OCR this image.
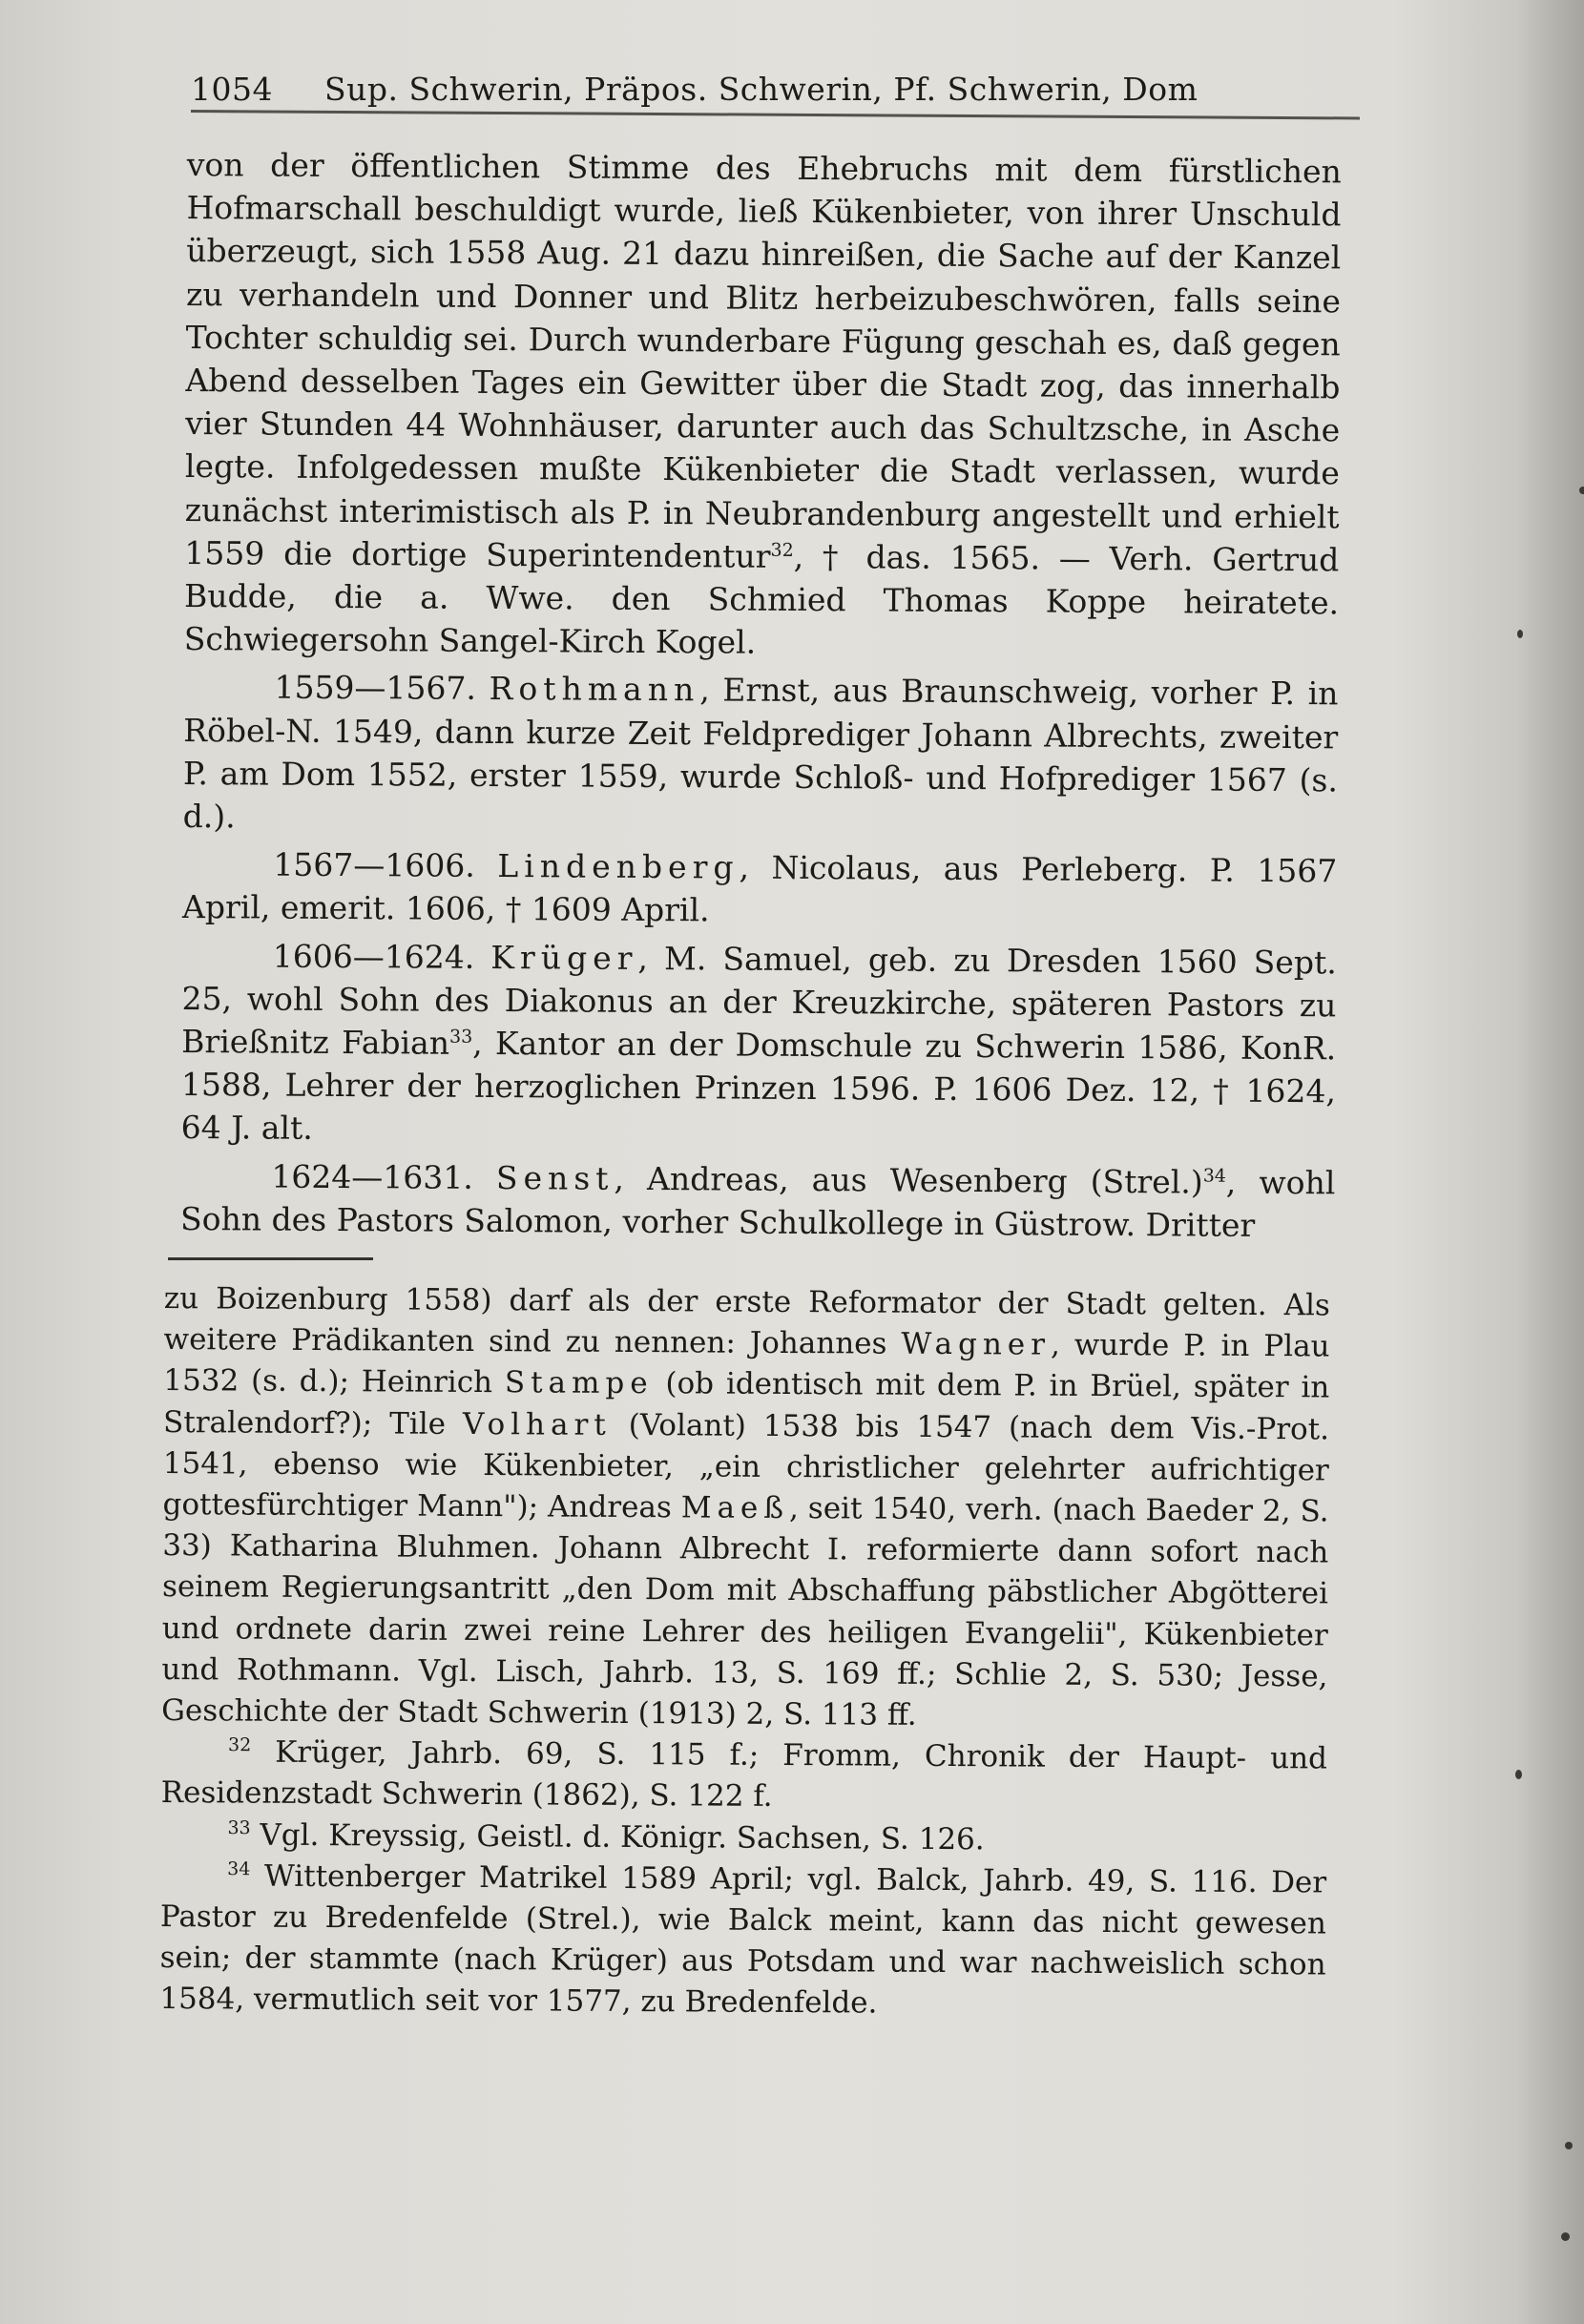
1054 Sup. Schwerin, Präpos. Schwerin, Pf. Schwerin, Dom

von der öffentlichen Stimme des Ehebruchs mit dem fürstlichen Hofmarschall beschuldigt wurde, ließ Kükenbieter, von ihrer Unschuld überzeugt, sich 1558 Aug. 21 dazu hinreißen, die Sache auf der Kanzel zu verhandeln und Donner und Blitz herbeizubeschwören, falls seine Tochter schuldig sei. Durch wunderbare Fügung geschah es, daß gegen Abend desselben Tages ein Gewitter über die Stadt zog, das innerhalb vier Stunden 44 Wohnhäuser, darunter auch das Schultzsche, in Asche legte. Infolgedessen mußte Kükenbieter die Stadt verlassen, wurde zunächst interimistisch als P. in Neubrandenburg angestellt und erhielt 1559 die dortige Superintendentur$^{32}$, † das. 1565. — Verh. Gertrud Budde, die a. Wwe. den Schmied Thomas Koppe heiratete. Schwiegersohn Sangel-Kirch Kogel.

1559—1567. Rothmann, Ernst, aus Braunschweig, vorher P. in Röbel-N. 1549, dann kurze Zeit Feldprediger Johann Albrechts, zweiter P. am Dom 1552, erster 1559, wurde Schloß- und Hofprediger 1567 (s. d.).

1567—1606. Lindenberg, Nicolaus, aus Perleberg. P. 1567 April, emerit. 1606, † 1609 April.

1606—1624. Krüger, M. Samuel, geb. zu Dresden 1560 Sept. 25, wohl Sohn des Diakonus an der Kreuzkirche, späteren Pastors zu Brießnitz Fabian$^{33}$, Kantor an der Domschule zu Schwerin 1586, KonR. 1588, Lehrer der herzoglichen Prinzen 1596. P. 1606 Dez. 12, † 1624, 64 J. alt.

1624—1631. Senst, Andreas, aus Wesenberg (Strel.)$^{34}$, wohl Sohn des Pastors Salomon, vorher Schulkollege in Güstrow. Dritter

zu Boizenburg 1558) darf als der erste Reformator der Stadt gelten. Als weitere Prädikanten sind zu nennen: Johannes Wagner, wurde P. in Plau 1532 (s. d.); Heinrich Stampe (ob identisch mit dem P. in Brüel, später in Stralendorf?); Tile Volhart (Volant) 1538 bis 1547 (nach dem Vis.-Prot. 1541, ebenso wie Kükenbieter, „ein christlicher gelehrter aufrichtiger gottesfürchtiger Mann"); Andreas Maeß, seit 1540, verh. (nach Baeder 2, S. 33) Katharina Bluhmen. Johann Albrecht I. reformierte dann sofort nach seinem Regierungsantritt „den Dom mit Abschaffung päbstlicher Abgötterei und ordnete darin zwei reine Lehrer des heiligen Evangelii", Kükenbieter und Rothmann. Vgl. Lisch, Jahrb. 13, S. 169 ff.; Schlie 2, S. 530; Jesse, Geschichte der Stadt Schwerin (1913) 2, S. 113 ff.

$^{32}$ Krüger, Jahrb. 69, S. 115 f.; Fromm, Chronik der Haupt- und Residenzstadt Schwerin (1862), S. 122 f.

$^{33}$ Vgl. Kreyssig, Geistl. d. Königr. Sachsen, S. 126.

$^{34}$ Wittenberger Matrikel 1589 April; vgl. Balck, Jahrb. 49, S. 116. Der Pastor zu Bredenfelde (Strel.), wie Balck meint, kann das nicht gewesen sein; der stammte (nach Krüger) aus Potsdam und war nachweislich schon 1584, vermutlich seit vor 1577, zu Bredenfelde.
